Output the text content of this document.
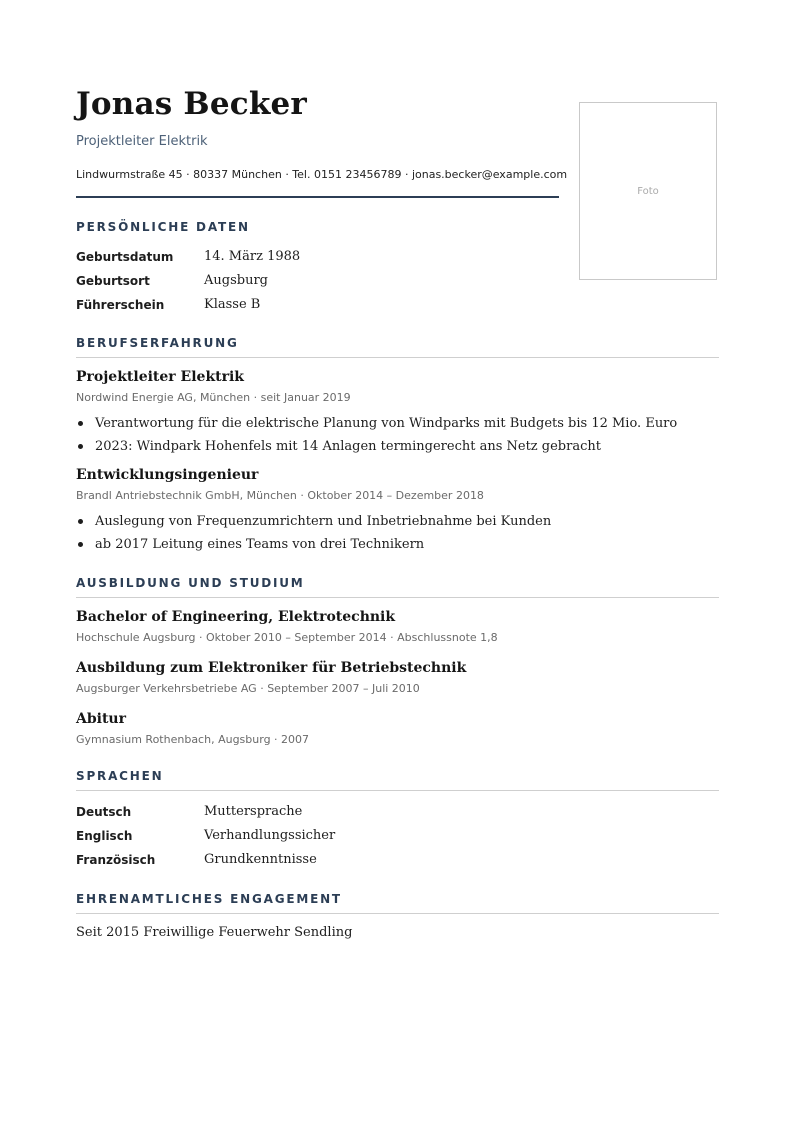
Jonas Becker
Projektleiter Elektrik
Lindwurmstraße 45 · 80337 München · Tel. 0151 23456789 · jonas.becker@example.com
Foto
PERSÖNLICHE DATEN
Geburtsdatum	14. März 1988
Geburtsort	Augsburg
Führerschein	Klasse B
BERUFSERFAHRUNG
Projektleiter Elektrik
Nordwind Energie AG, München · seit Januar 2019
Verantwortung für die elektrische Planung von Windparks mit Budgets bis 12 Mio. Euro
2023: Windpark Hohenfels mit 14 Anlagen termingerecht ans Netz gebracht
Entwicklungsingenieur
Brandl Antriebstechnik GmbH, München · Oktober 2014 – Dezember 2018
Auslegung von Frequenzumrichtern und Inbetriebnahme bei Kunden
ab 2017 Leitung eines Teams von drei Technikern
AUSBILDUNG UND STUDIUM
Bachelor of Engineering, Elektrotechnik
Hochschule Augsburg · Oktober 2010 – September 2014 · Abschlussnote 1,8
Ausbildung zum Elektroniker für Betriebstechnik
Augsburger Verkehrsbetriebe AG · September 2007 – Juli 2010
Abitur
Gymnasium Rothenbach, Augsburg · 2007
SPRACHEN
Deutsch	Muttersprache
Englisch	Verhandlungssicher
Französisch	Grundkenntnisse
EHRENAMTLICHES ENGAGEMENT
Seit 2015 Freiwillige Feuerwehr Sendling
